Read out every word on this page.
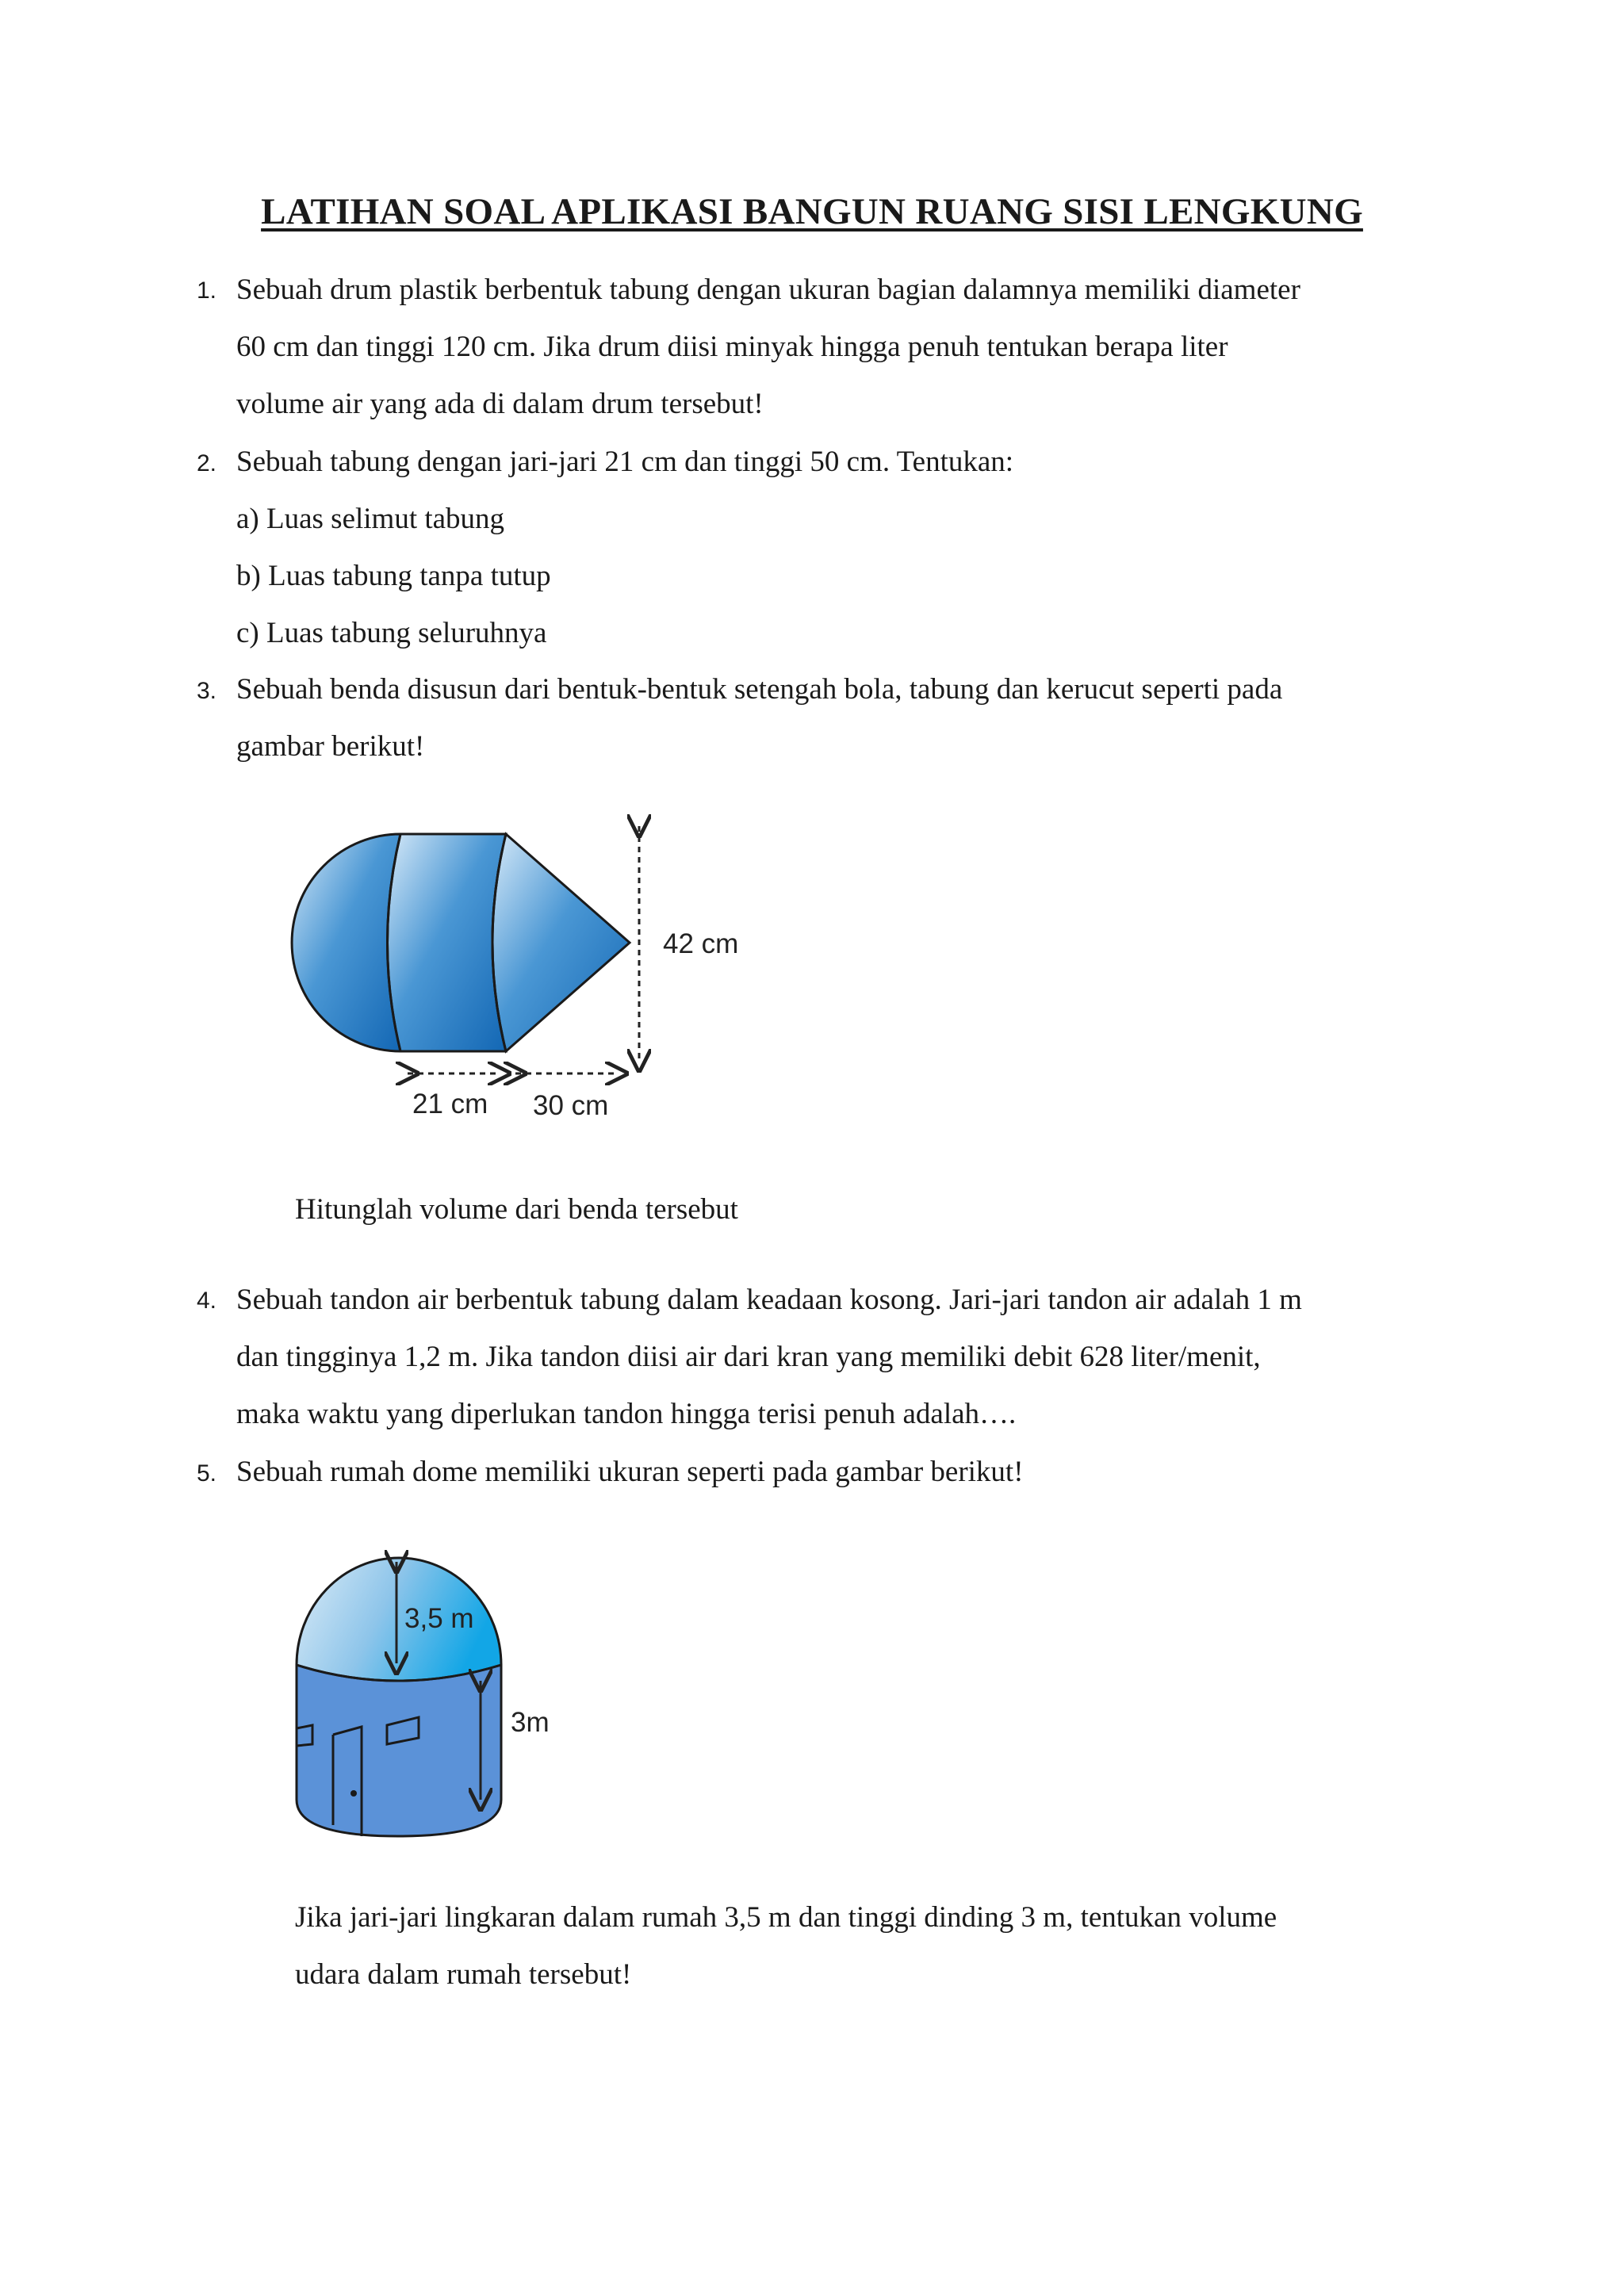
LATIHAN SOAL APLIKASI BANGUN RUANG SISI LENGKUNG
1. Sebuah drum plastik berbentuk tabung dengan ukuran bagian dalamnya memiliki diameter
60 cm dan tinggi 120 cm. Jika drum diisi minyak hingga penuh tentukan berapa liter
volume air yang ada di dalam drum tersebut!
2. Sebuah tabung dengan jari-jari 21 cm dan tinggi 50 cm. Tentukan:
a) Luas selimut tabung
b) Luas tabung tanpa tutup
c) Luas tabung seluruhnya
3. Sebuah benda disusun dari bentuk-bentuk setengah bola, tabung dan kerucut seperti pada
gambar berikut!
42 cm
21 cm 30 cm
Hitunglah volume dari benda tersebut
4. Sebuah tandon air berbentuk tabung dalam keadaan kosong. Jari-jari tandon air adalah 1 m
dan tingginya 1,2 m. Jika tandon diisi air dari kran yang memiliki debit 628 liter/menit,
maka waktu yang diperlukan tandon hingga terisi penuh adalah….
5. Sebuah rumah dome memiliki ukuran seperti pada gambar berikut!
3,5 m
3m
Jika jari-jari lingkaran dalam rumah 3,5 m dan tinggi dinding 3 m, tentukan volume
udara dalam rumah tersebut!
